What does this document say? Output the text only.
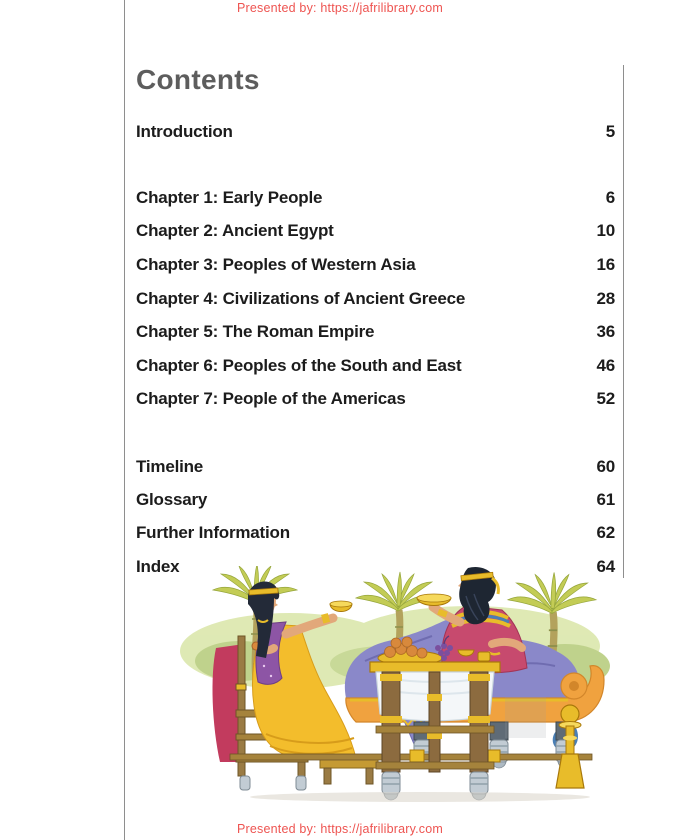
Presented by: https://jafrilibrary.com
Contents
Introduction	5
Chapter 1: Early People	6
Chapter 2: Ancient Egypt	10
Chapter 3: Peoples of Western Asia	16
Chapter 4: Civilizations of Ancient Greece	28
Chapter 5: The Roman Empire	36
Chapter 6: Peoples of the South and East	46
Chapter 7: People of the Americas	52
Timeline	60
Glossary	61
Further Information	62
Index	64
Presented by: https://jafrilibrary.com
